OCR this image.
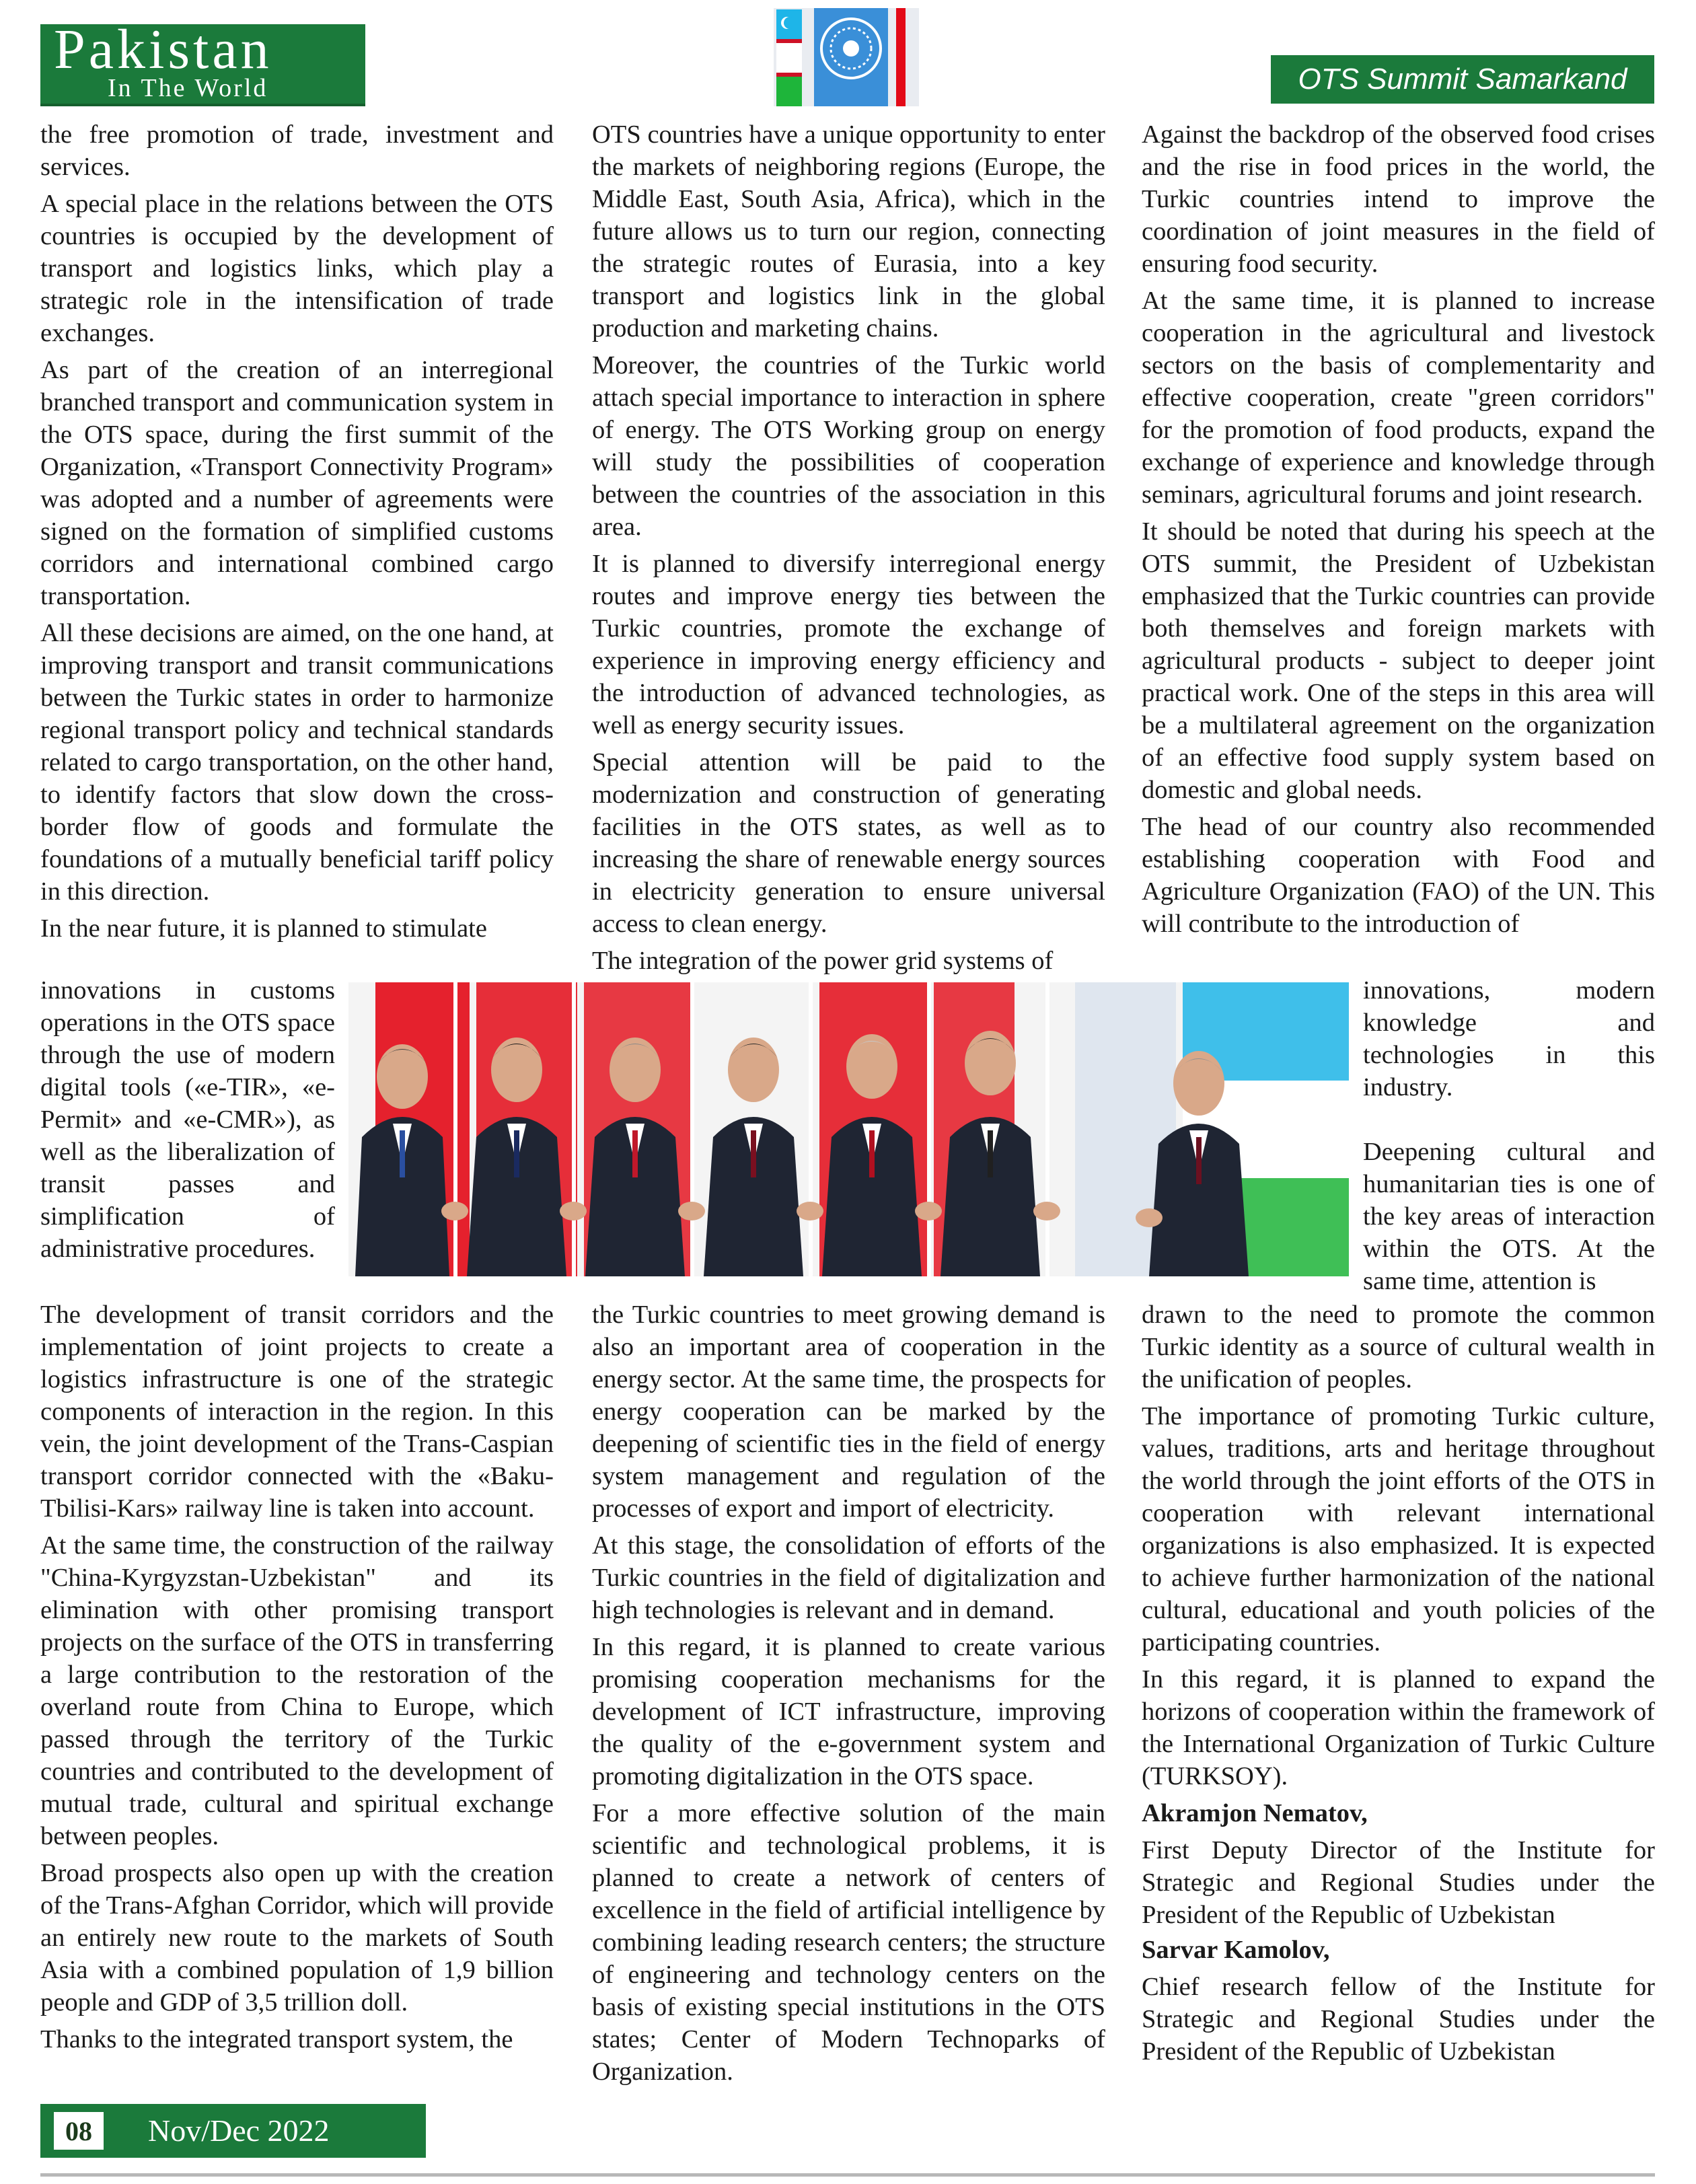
Pakistan
In The World	OTS Summit Samarkand

the free promotion of trade, investment and services.

A special place in the relations between the OTS countries is occupied by the development of transport and logistics links, which play a strategic role in the intensification of trade exchanges.

As part of the creation of an interregional branched transport and communication system in the OTS space, during the first summit of the Organization, «Transport Connectivity Program» was adopted and a number of agreements were signed on the formation of simplified customs corridors and international combined cargo transportation.

All these decisions are aimed, on the one hand, at improving transport and transit communications between the Turkic states in order to harmonize regional transport policy and technical standards related to cargo transportation, on the other hand, to identify factors that slow down the cross-border flow of goods and formulate the foundations of a mutually beneficial tariff policy in this direction.

In the near future, it is planned to stimulate

innovations in customs operations in the OTS space through the use of modern digital tools («e-TIR», «e-Permit» and «e-CMR»), as well as the liberalization of transit passes and simplification of administrative procedures.

The development of transit corridors and the implementation of joint projects to create a logistics infrastructure is one of the strategic components of interaction in the region. In this vein, the joint development of the Trans-Caspian transport corridor connected with the «Baku-Tbilisi-Kars» railway line is taken into account.

At the same time, the construction of the railway "China-Kyrgyzstan-Uzbekistan" and its elimination with other promising transport projects on the surface of the OTS in transferring a large contribution to the restoration of the overland route from China to Europe, which passed through the territory of the Turkic countries and contributed to the development of mutual trade, cultural and spiritual exchange between peoples.

Broad prospects also open up with the creation of the Trans-Afghan Corridor, which will provide an entirely new route to the markets of South Asia with a combined population of 1,9 billion people and GDP of 3,5 trillion doll.

Thanks to the integrated transport system, the

OTS countries have a unique opportunity to enter the markets of neighboring regions (Europe, the Middle East, South Asia, Africa), which in the future allows us to turn our region, connecting the strategic routes of Eurasia, into a key transport and logistics link in the global production and marketing chains.

Moreover, the countries of the Turkic world attach special importance to interaction in sphere of energy. The OTS Working group on energy will study the possibilities of cooperation between the countries of the association in this area.

It is planned to diversify interregional energy routes and improve energy ties between the Turkic countries, promote the exchange of experience in improving energy efficiency and the introduction of advanced technologies, as well as energy security issues.

Special attention will be paid to the modernization and construction of generating facilities in the OTS states, as well as to increasing the share of renewable energy sources in electricity generation to ensure universal access to clean energy.

The integration of the power grid systems of

the Turkic countries to meet growing demand is also an important area of cooperation in the energy sector. At the same time, the prospects for energy cooperation can be marked by the deepening of scientific ties in the field of energy system management and regulation of the processes of export and import of electricity.

At this stage, the consolidation of efforts of the Turkic countries in the field of digitalization and high technologies is relevant and in demand.

In this regard, it is planned to create various promising cooperation mechanisms for the development of ICT infrastructure, improving the quality of the e-government system and promoting digitalization in the OTS space.

For a more effective solution of the main scientific and technological problems, it is planned to create a network of centers of excellence in the field of artificial intelligence by combining leading research centers; the structure of engineering and technology centers on the basis of existing special institutions in the OTS states; Center of Modern Technoparks of Organization.

Against the backdrop of the observed food crises and the rise in food prices in the world, the Turkic countries intend to improve the coordination of joint measures in the field of ensuring food security.

At the same time, it is planned to increase cooperation in the agricultural and livestock sectors on the basis of complementarity and effective cooperation, create "green corridors" for the promotion of food products, expand the exchange of experience and knowledge through seminars, agricultural forums and joint research.

It should be noted that during his speech at the OTS summit, the President of Uzbekistan emphasized that the Turkic countries can provide both themselves and foreign markets with agricultural products - subject to deeper joint practical work. One of the steps in this area will be a multilateral agreement on the organization of an effective food supply system based on domestic and global needs.

The head of our country also recommended establishing cooperation with Food and Agriculture Organization (FAO) of the UN. This will contribute to the introduction of

innovations, modern knowledge and technologies in this industry.

Deepening cultural and humanitarian ties is one of the key areas of interaction within the OTS. At the same time, attention is

drawn to the need to promote the common Turkic identity as a source of cultural wealth in the unification of peoples.

The importance of promoting Turkic culture, values, traditions, arts and heritage throughout the world through the joint efforts of the OTS in cooperation with relevant international organizations is also emphasized. It is expected to achieve further harmonization of the national cultural, educational and youth policies of the participating countries.

In this regard, it is planned to expand the horizons of cooperation within the framework of the International Organization of Turkic Culture (TURKSOY).

Akramjon Nematov,

First Deputy Director of the Institute for Strategic and Regional Studies under the President of the Republic of Uzbekistan

Sarvar Kamolov,

Chief research fellow of the Institute for Strategic and Regional Studies under the President of the Republic of Uzbekistan

08	Nov/Dec 2022
